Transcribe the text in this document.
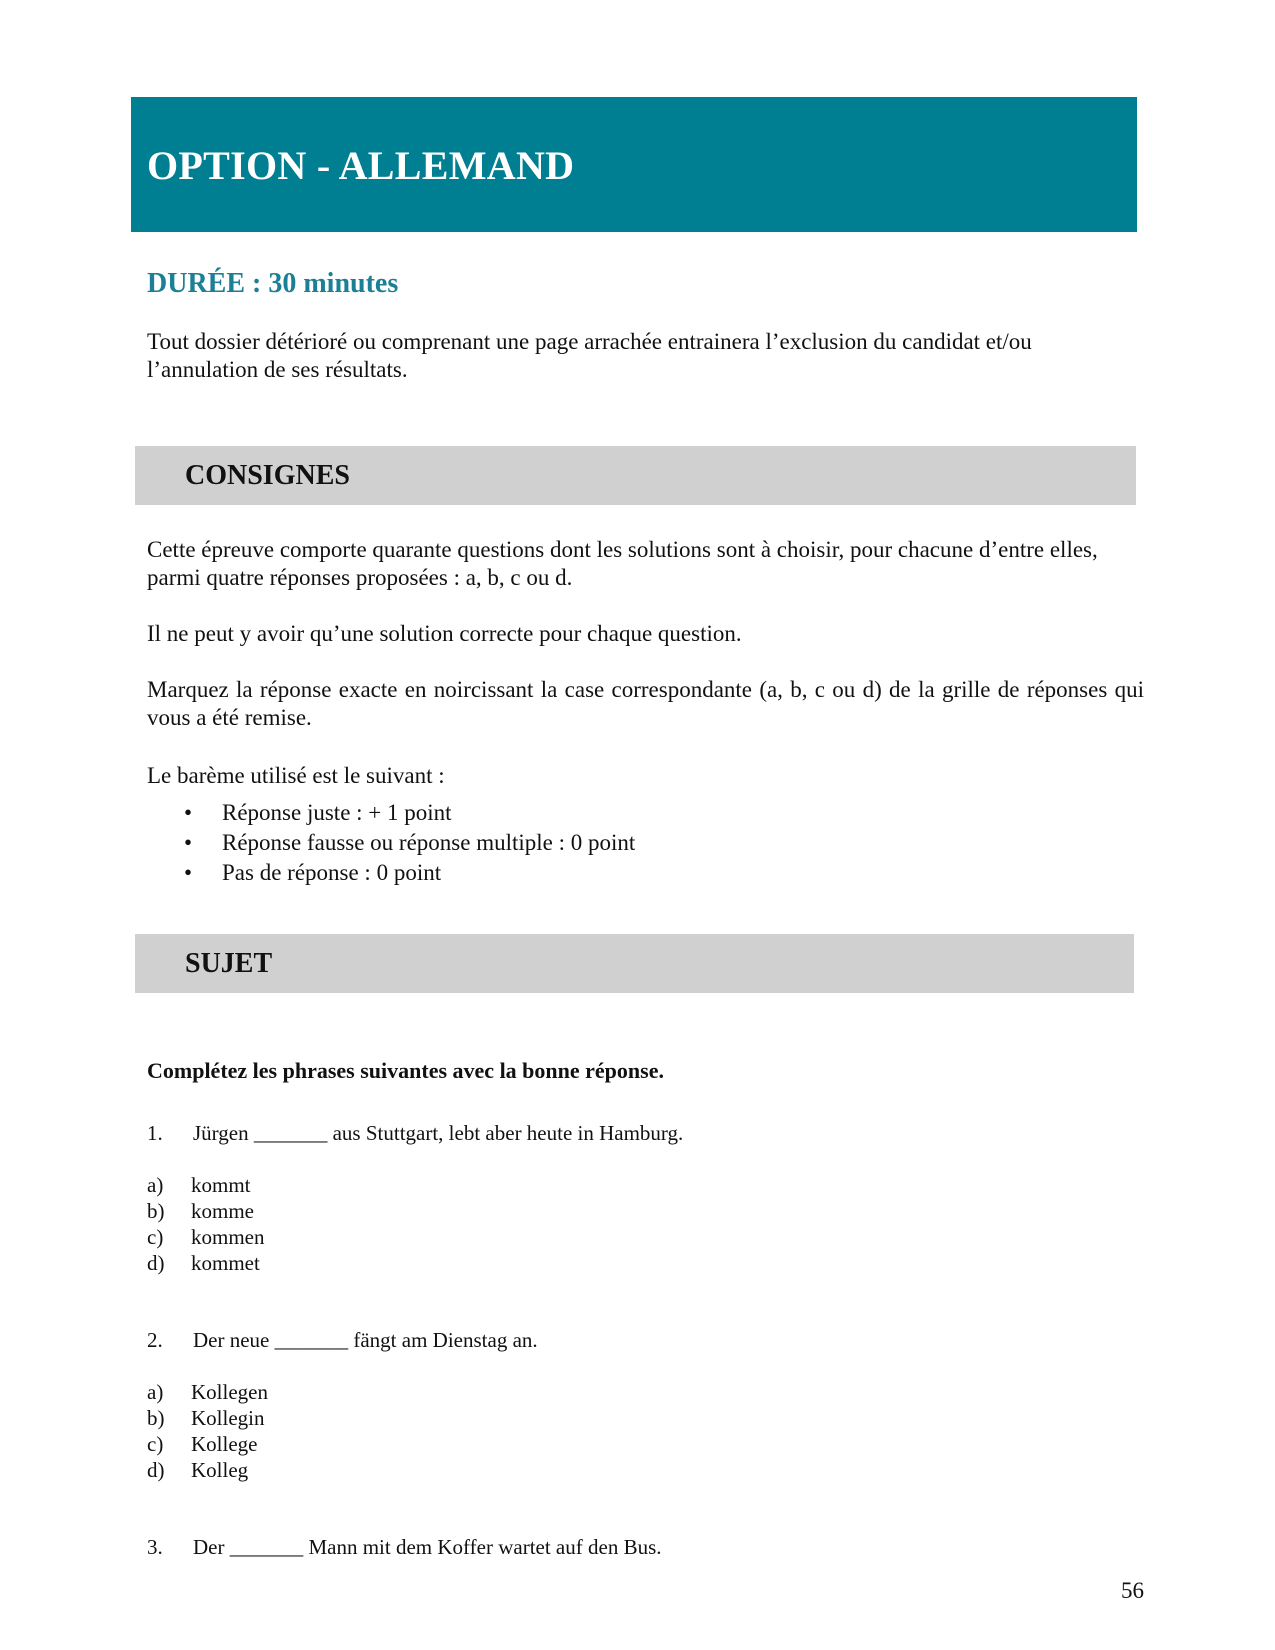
OPTION - ALLEMAND
DURÉE : 30 minutes

Tout dossier détérioré ou comprenant une page arrachée entrainera l’exclusion du candidat et/ou l’annulation de ses résultats.

CONSIGNES

Cette épreuve comporte quarante questions dont les solutions sont à choisir, pour chacune d’entre elles, parmi quatre réponses proposées : a, b, c ou d.

Il ne peut y avoir qu’une solution correcte pour chaque question.

Marquez la réponse exacte en noircissant la case correspondante (a, b, c ou d) de la grille de réponses qui vous a été remise.

Le barème utilisé est le suivant :

• Réponse juste : + 1 point
• Réponse fausse ou réponse multiple : 0 point
• Pas de réponse : 0 point
SUJET

Complétez les phrases suivantes avec la bonne réponse.

1. Jürgen _______ aus Stuttgart, lebt aber heute in Hamburg.
a) kommt
b) komme
c) kommen
d) kommet
2. Der neue _______ fängt am Dienstag an.
a) Kollegen
b) Kollegin
c) Kollege
d) Kolleg
3. Der _______ Mann mit dem Koffer wartet auf den Bus.
56
